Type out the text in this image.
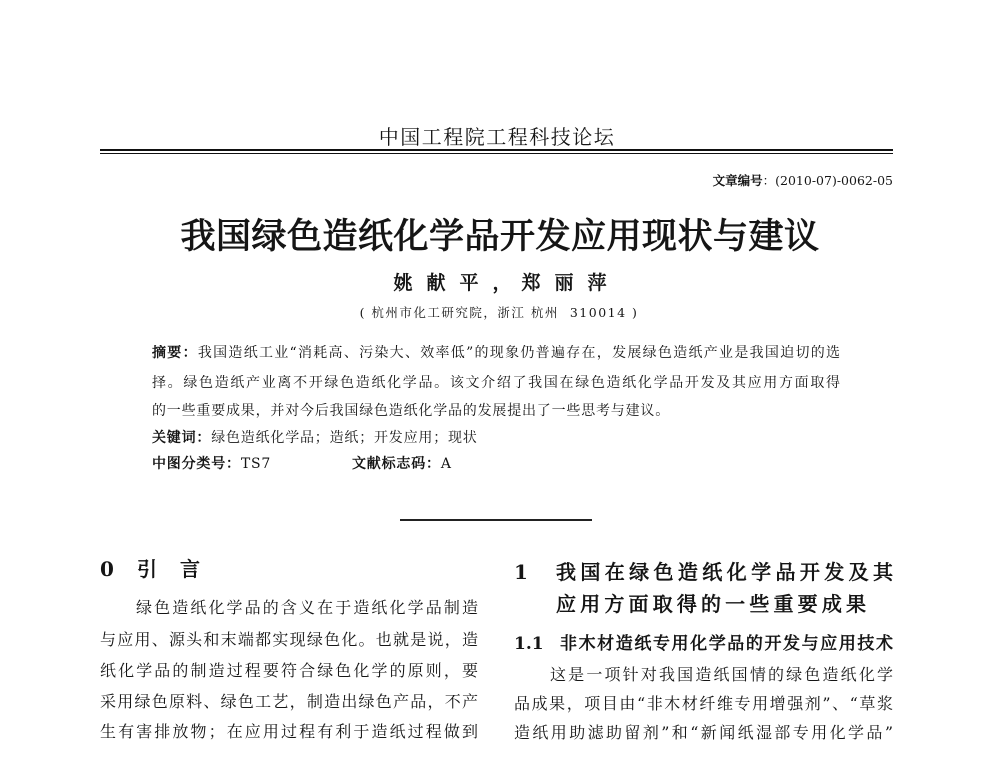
中国工程院工程科技论坛
文章编号：(2010-07)-0062-05
我国绿色造纸化学品开发应用现状与建议
姚献平， 郑丽萍
( 杭州市化工研究院，浙江 杭州  310014 )
摘要：我国造纸工业“消耗高、污染大、效率低”的现象仍普遍存在，发展绿色造纸产业是我国迫切的选
择。绿色造纸产业离不开绿色造纸化学品。该文介绍了我国在绿色造纸化学品开发及其应用方面取得
的一些重要成果，并对今后我国绿色造纸化学品的发展提出了一些思考与建议。
关键词：绿色造纸化学品；造纸；开发应用；现状
中图分类号：TS7	文献标志码：A
0 引言
绿色造纸化学品的含义在于造纸化学品制造
与应用、源头和末端都实现绿色化。也就是说，造
纸化学品的制造过程要符合绿色化学的原则，要
采用绿色原料、绿色工艺，制造出绿色产品，不产
生有害排放物；在应用过程有利于造纸过程做到
1 我国在绿色造纸化学品开发及其
应用方面取得的一些重要成果
1.1 非木材造纸专用化学品的开发与应用技术
这是一项针对我国造纸国情的绿色造纸化学
品成果，项目由“非木材纤维专用增强剂”、“草浆
造纸用助滤助留剂”和“新闻纸湿部专用化学品”
